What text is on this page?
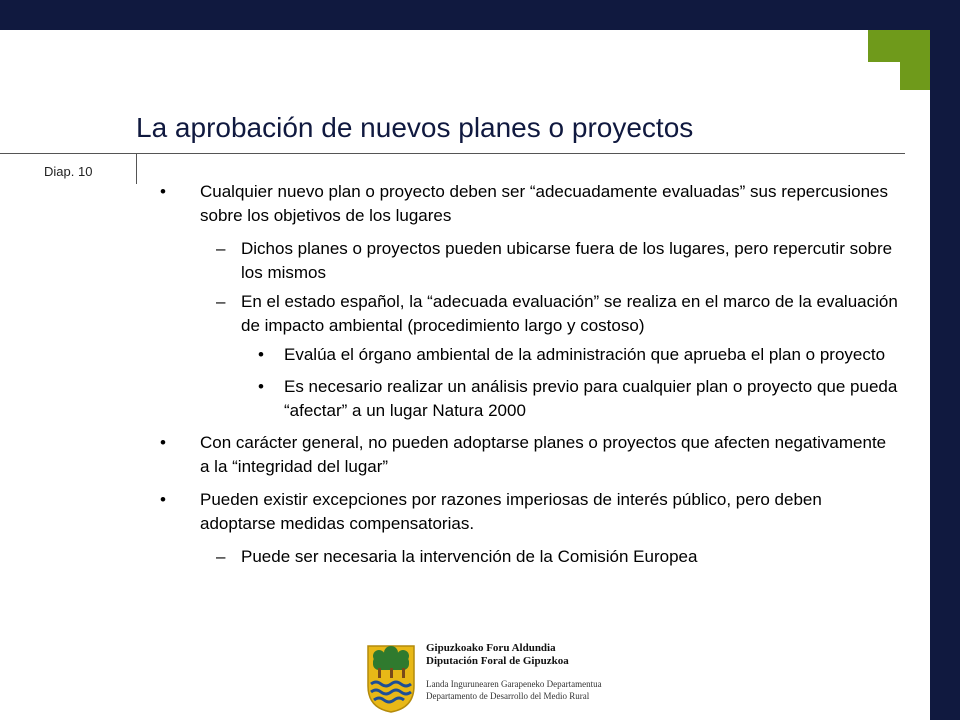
La aprobación de nuevos planes o proyectos
Diap. 10
• Cualquier nuevo plan o proyecto deben ser “adecuadamente evaluadas” sus repercusiones sobre los objetivos de los lugares
– Dichos planes o proyectos pueden ubicarse fuera de los lugares, pero repercutir sobre los mismos
– En el estado español, la “adecuada evaluación” se realiza en el marco de la evaluación de impacto ambiental (procedimiento largo y costoso)
• Evalúa el órgano ambiental de la administración que aprueba el plan o proyecto
• Es necesario realizar un análisis previo para cualquier plan o proyecto que pueda “afectar” a un lugar Natura 2000
• Con carácter general, no pueden adoptarse planes o proyectos que afecten negativamente a la “integridad del lugar”
• Pueden existir excepciones por razones imperiosas de interés público, pero deben adoptarse medidas compensatorias.
– Puede ser necesaria la intervención de la Comisión Europea
Gipuzkoako Foru Aldundia
Diputación Foral de Gipuzkoa
Landa Ingurunearen Garapeneko Departamentua
Departamento de Desarrollo del Medio Rural
